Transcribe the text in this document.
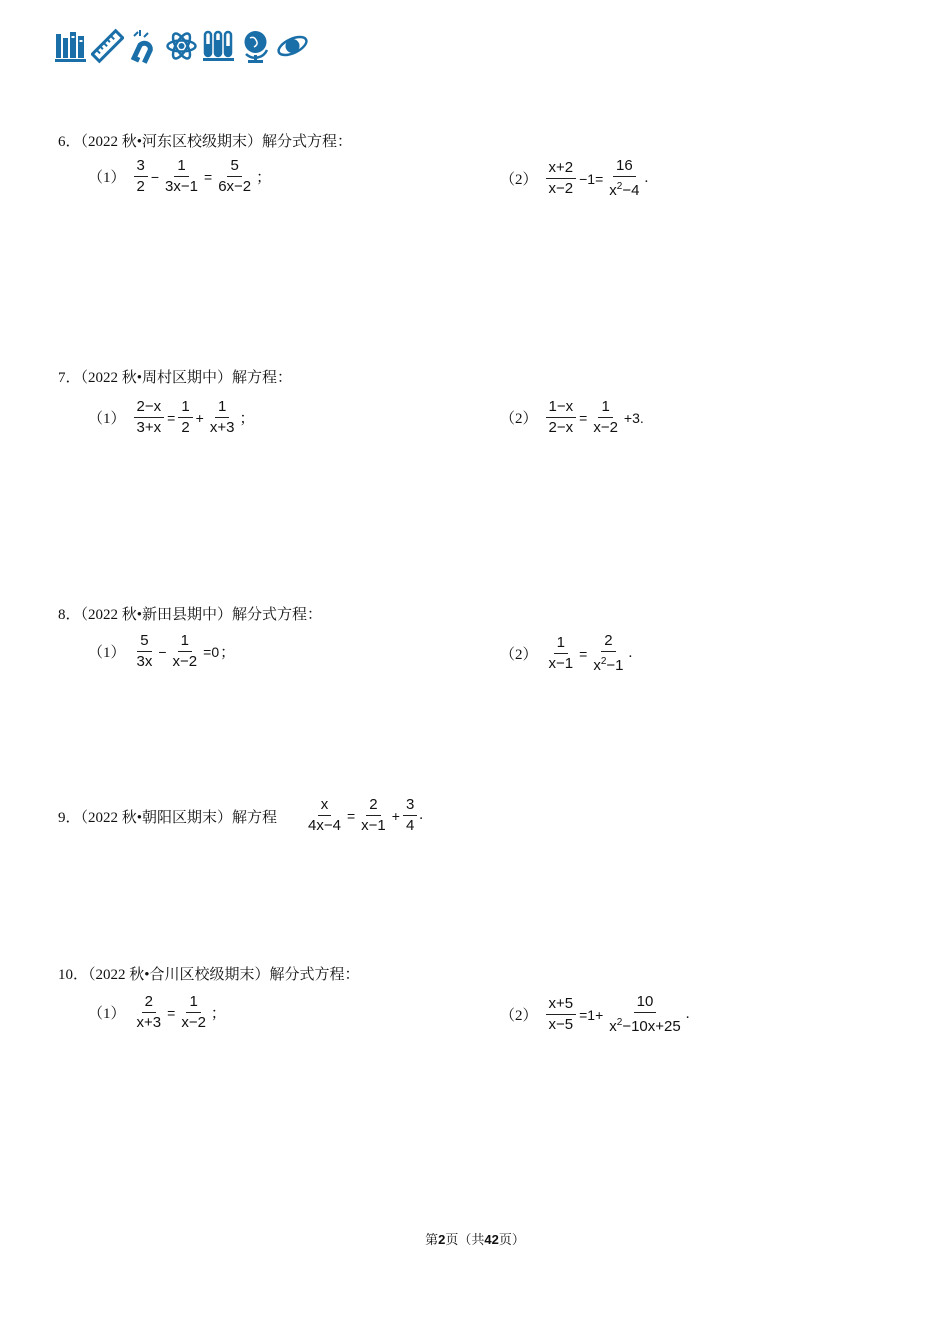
6．（2022 秋•河东区校级期末）解分式方程：
$(1) \frac{3}{2} - \frac{1}{3x-1} = \frac{5}{6x-2}$ ；	$(2) \frac{x+2}{x-2} -1= \frac{16}{x^2-4}$ .
7．（2022 秋•周村区期中）解方程：
$(1) \frac{2-x}{3+x} = \frac{1}{2} + \frac{1}{x+3}$ ；	$(2) \frac{1-x}{2-x} = \frac{1}{x-2} +3$.
8．（2022 秋•新田县期中）解分式方程：
$(1) \frac{5}{3x} - \frac{1}{x-2} =0$ ；	$(2) \frac{1}{x-1} = \frac{2}{x^2-1}$ .
9．（2022 秋•朝阳区期末）解方程 $\frac{x}{4x-4} = \frac{2}{x-1} + \frac{3}{4}$ .
10．（2022 秋•合川区校级期末）解分式方程：
$(1) \frac{2}{x+3} = \frac{1}{x-2}$ ；	$(2) \frac{x+5}{x-5} =1+ \frac{10}{x^2-10x+25}$ .
第2页（共42页）
